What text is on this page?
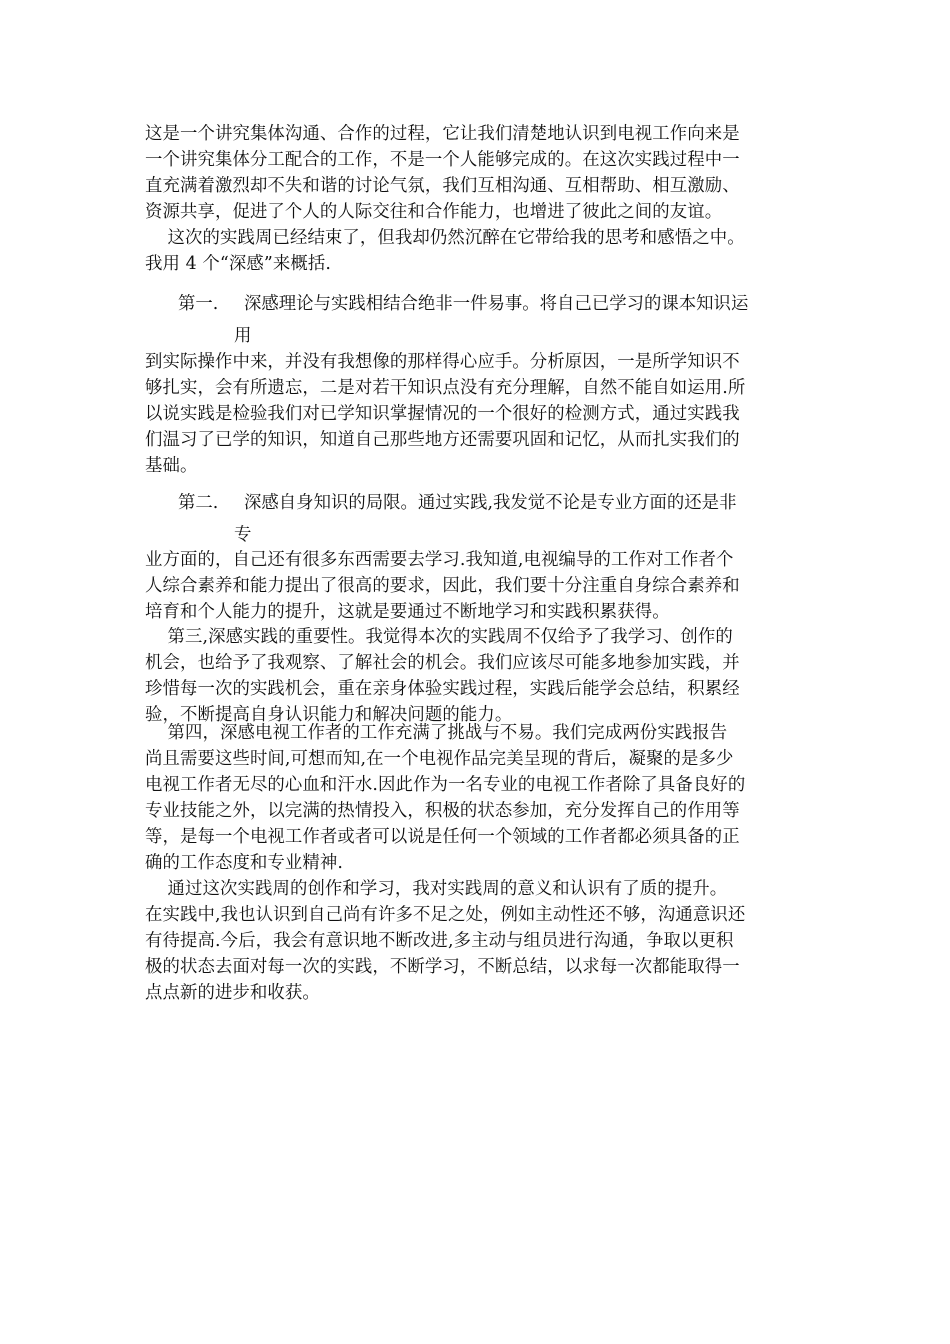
这是一个讲究集体沟通、合作的过程，它让我们清楚地认识到电视工作向来是
一个讲究集体分工配合的工作，不是一个人能够完成的。在这次实践过程中一
直充满着激烈却不失和谐的讨论气氛，我们互相沟通、互相帮助、相互激励、
资源共享，促进了个人的人际交往和合作能力，也增进了彼此之间的友谊。
这次的实践周已经结束了，但我却仍然沉醉在它带给我的思考和感悟之中。
我用 4 个“深感”来概括.
第一. 深感理论与实践相结合绝非一件易事。将自己已学习的课本知识运
用
到实际操作中来，并没有我想像的那样得心应手。分析原因，一是所学知识不
够扎实，会有所遗忘，二是对若干知识点没有充分理解，自然不能自如运用.所
以说实践是检验我们对已学知识掌握情况的一个很好的检测方式，通过实践我
们温习了已学的知识，知道自己那些地方还需要巩固和记忆，从而扎实我们的
基础。
第二. 深感自身知识的局限。通过实践,我发觉不论是专业方面的还是非
专
业方面的，自己还有很多东西需要去学习.我知道,电视编导的工作对工作者个
人综合素养和能力提出了很高的要求，因此，我们要十分注重自身综合素养和
培育和个人能力的提升，这就是要通过不断地学习和实践积累获得。
第三,深感实践的重要性。我觉得本次的实践周不仅给予了我学习、创作的
机会，也给予了我观察、了解社会的机会。我们应该尽可能多地参加实践，并
珍惜每一次的实践机会，重在亲身体验实践过程，实践后能学会总结，积累经
验，不断提高自身认识能力和解决问题的能力。
第四，深感电视工作者的工作充满了挑战与不易。我们完成两份实践报告
尚且需要这些时间,可想而知,在一个电视作品完美呈现的背后，凝聚的是多少
电视工作者无尽的心血和汗水.因此作为一名专业的电视工作者除了具备良好的
专业技能之外，以完满的热情投入，积极的状态参加，充分发挥自己的作用等
等，是每一个电视工作者或者可以说是任何一个领域的工作者都必须具备的正
确的工作态度和专业精神.
通过这次实践周的创作和学习，我对实践周的意义和认识有了质的提升。
在实践中,我也认识到自己尚有许多不足之处，例如主动性还不够，沟通意识还
有待提高.今后，我会有意识地不断改进,多主动与组员进行沟通，争取以更积
极的状态去面对每一次的实践，不断学习，不断总结，以求每一次都能取得一
点点新的进步和收获。
